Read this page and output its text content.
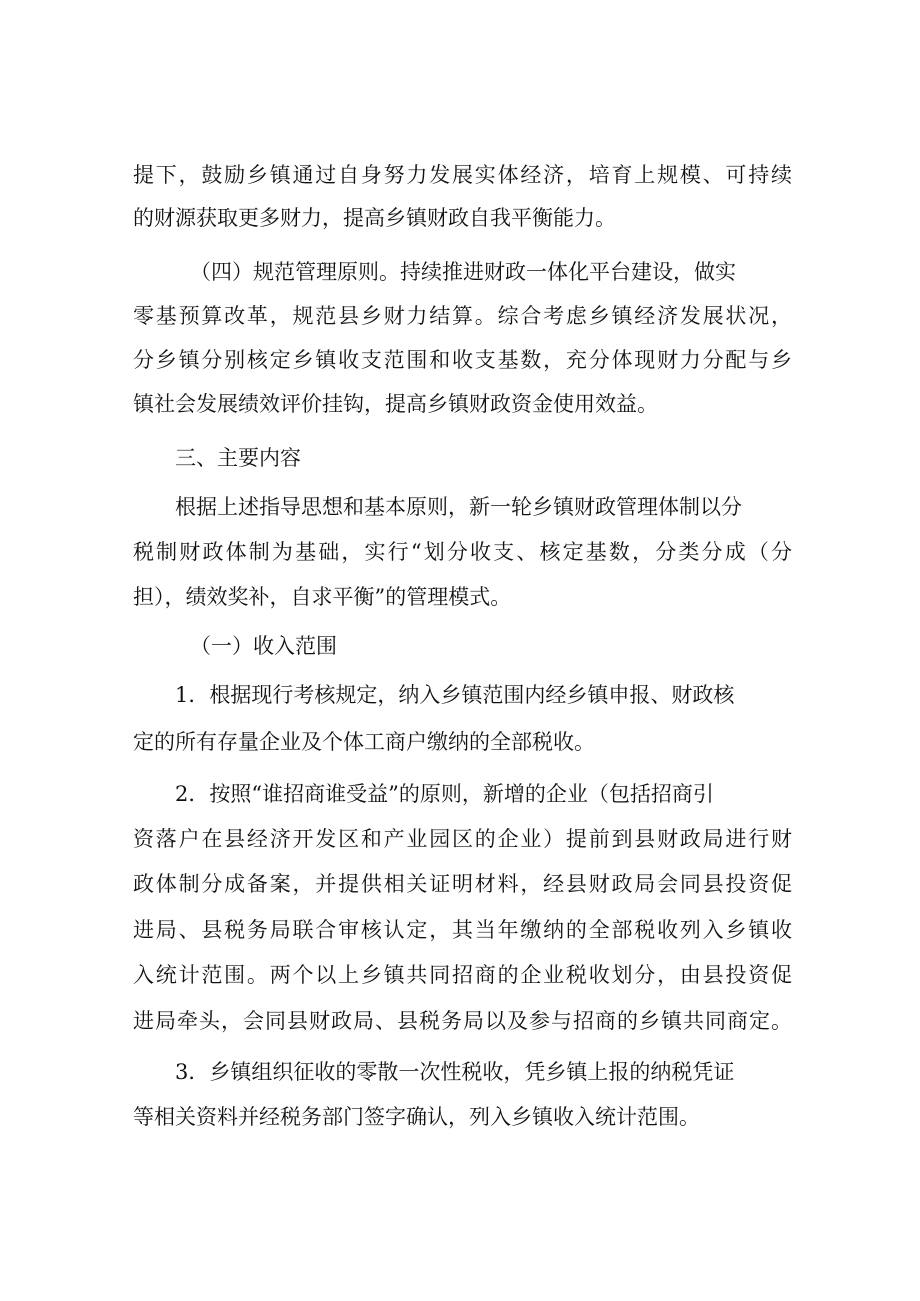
提下，鼓励乡镇通过自身努力发展实体经济，培育上规模、可持续
的财源获取更多财力，提高乡镇财政自我平衡能力。
（四）规范管理原则。持续推进财政一体化平台建设，做实
零基预算改革，规范县乡财力结算。综合考虑乡镇经济发展状况，
分乡镇分别核定乡镇收支范围和收支基数，充分体现财力分配与乡
镇社会发展绩效评价挂钩，提高乡镇财政资金使用效益。
三、主要内容
根据上述指导思想和基本原则，新一轮乡镇财政管理体制以分
税制财政体制为基础，实行“划分收支、核定基数，分类分成（分
担），绩效奖补，自求平衡”的管理模式。
（一）收入范围
1．根据现行考核规定，纳入乡镇范围内经乡镇申报、财政核
定的所有存量企业及个体工商户缴纳的全部税收。
2．按照“谁招商谁受益”的原则，新增的企业（包括招商引
资落户在县经济开发区和产业园区的企业）提前到县财政局进行财
政体制分成备案，并提供相关证明材料，经县财政局会同县投资促
进局、县税务局联合审核认定，其当年缴纳的全部税收列入乡镇收
入统计范围。两个以上乡镇共同招商的企业税收划分，由县投资促
进局牵头，会同县财政局、县税务局以及参与招商的乡镇共同商定。
3．乡镇组织征收的零散一次性税收，凭乡镇上报的纳税凭证
等相关资料并经税务部门签字确认，列入乡镇收入统计范围。
